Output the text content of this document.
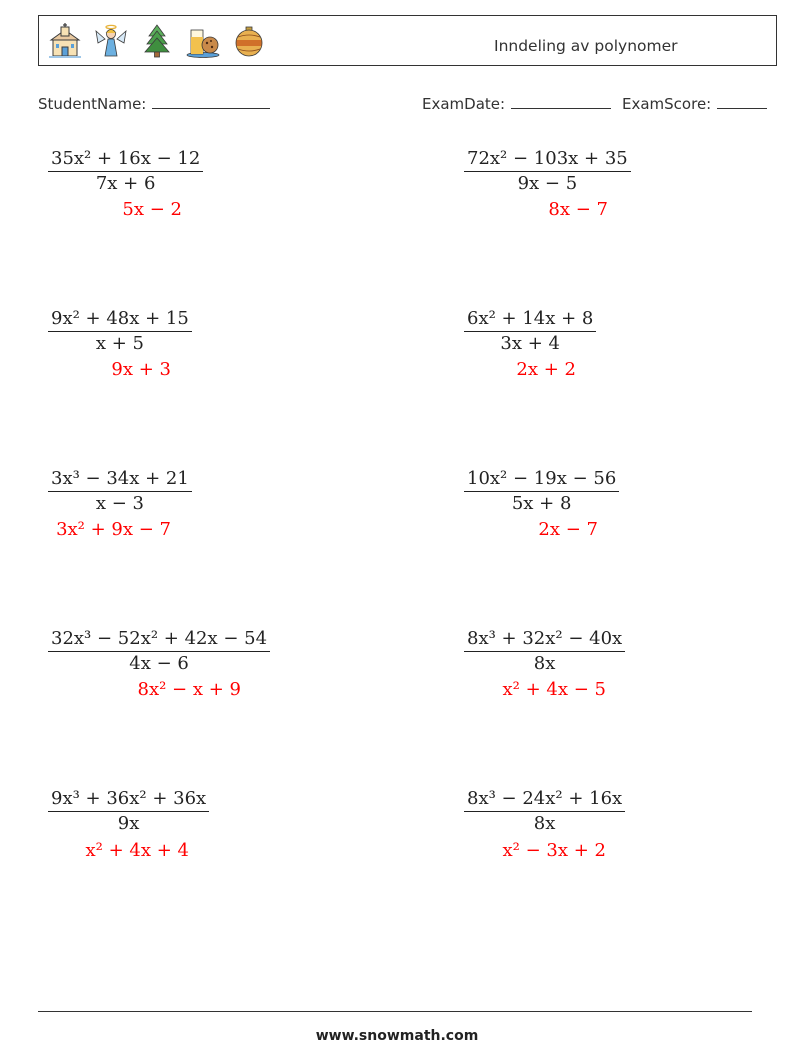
Inndeling av polynomer
StudentName:	ExamDate:	ExamScore:
$\frac{\text{35x² + 16x − 12}}{7x + 6}$
5x − 2
$\frac{\text{72x² − 103x + 35}}{9x - 5}$
8x − 7
$\frac{\text{9x² + 48x + 15}}{x + 5}$
9x + 3
$\frac{\text{6x² + 14x + 8}}{3x + 4}$
2x + 2
$\frac{\text{3x³ − 34x + 21}}{x - 3}$
3x² + 9x − 7
$\frac{\text{10x² − 19x − 56}}{5x + 8}$
2x − 7
$\frac{\text{32x³ − 52x² + 42x − 54}}{4x - 6}$
8x² − x + 9
$\frac{\text{8x³ + 32x² − 40x}}{8x}$
x² + 4x − 5
$\frac{\text{9x³ + 36x² + 36x}}{9x}$
x² + 4x + 4
$\frac{\text{8x³ − 24x² + 16x}}{8x}$
x² − 3x + 2
www.snowmath.com
